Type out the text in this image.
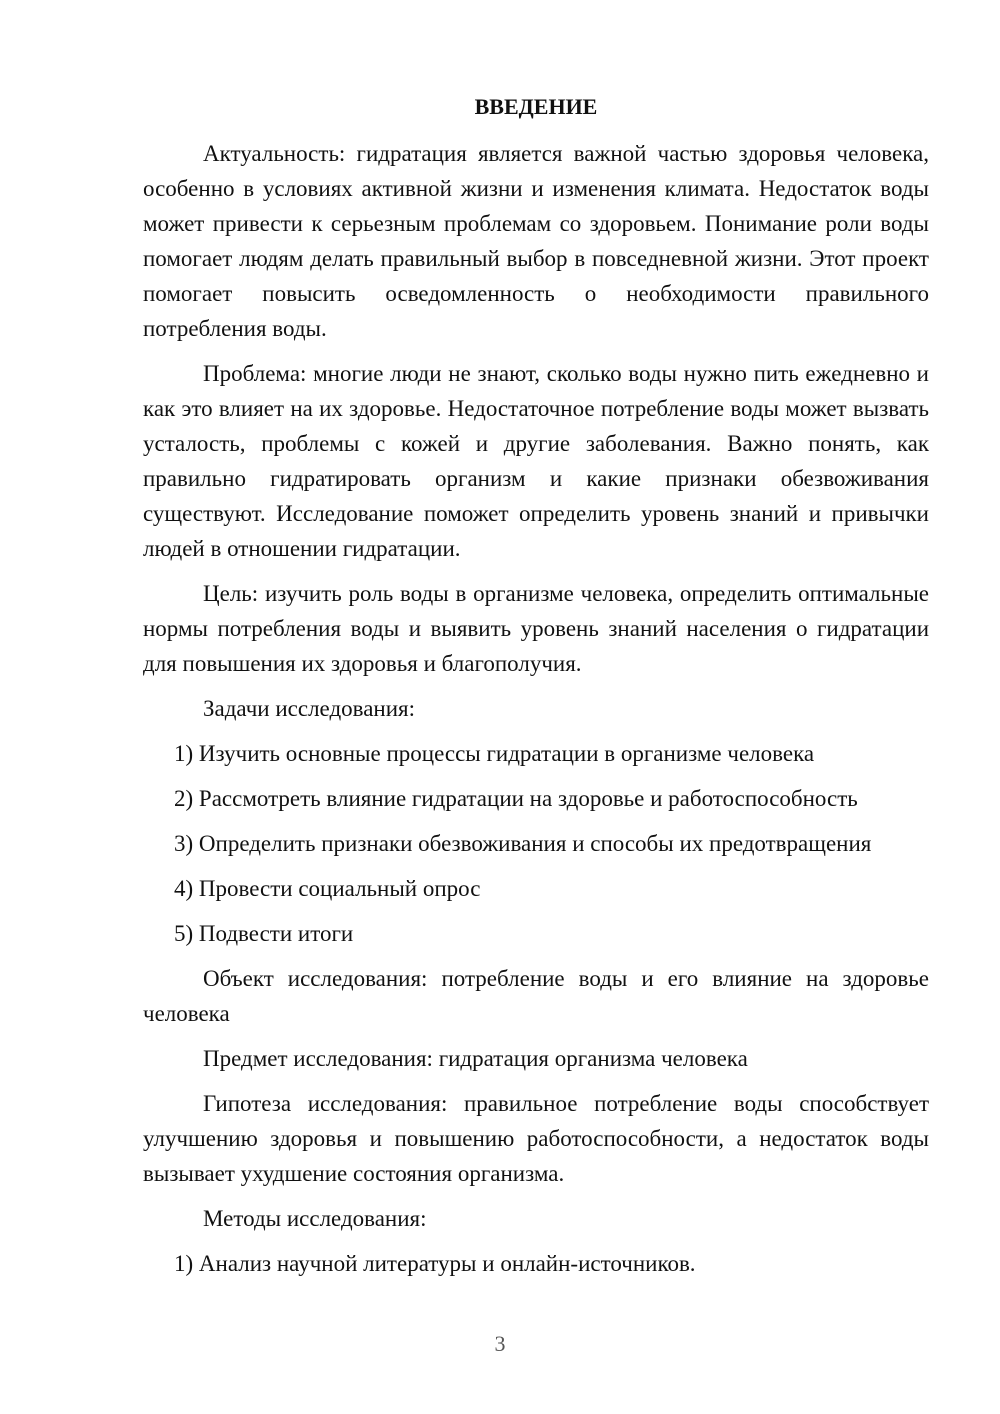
ВВЕДЕНИЕ

Актуальность: гидратация является важной частью здоровья человека, особенно в условиях активной жизни и изменения климата. Недостаток воды может привести к серьезным проблемам со здоровьем. Понимание роли воды помогает людям делать правильный выбор в повседневной жизни. Этот проект помогает повысить осведомленность о необходимости правильного потребления воды.

Проблема: многие люди не знают, сколько воды нужно пить ежедневно и как это влияет на их здоровье. Недостаточное потребление воды может вызвать усталость, проблемы с кожей и другие заболевания. Важно понять, как правильно гидратировать организм и какие признаки обезвоживания существуют. Исследование поможет определить уровень знаний и привычки людей в отношении гидратации.

Цель: изучить роль воды в организме человека, определить оптимальные нормы потребления воды и выявить уровень знаний населения о гидратации для повышения их здоровья и благополучия.

Задачи исследования:

1) Изучить основные процессы гидратации в организме человека
2) Рассмотреть влияние гидратации на здоровье и работоспособность
3) Определить признаки обезвоживания и способы их предотвращения
4) Провести социальный опрос
5) Подвести итоги

Объект исследования: потребление воды и его влияние на здоровье человека

Предмет исследования: гидратация организма человека

Гипотеза исследования: правильное потребление воды способствует улучшению здоровья и повышению работоспособности, а недостаток воды вызывает ухудшение состояния организма.

Методы исследования:

1) Анализ научной литературы и онлайн-источников.
3
